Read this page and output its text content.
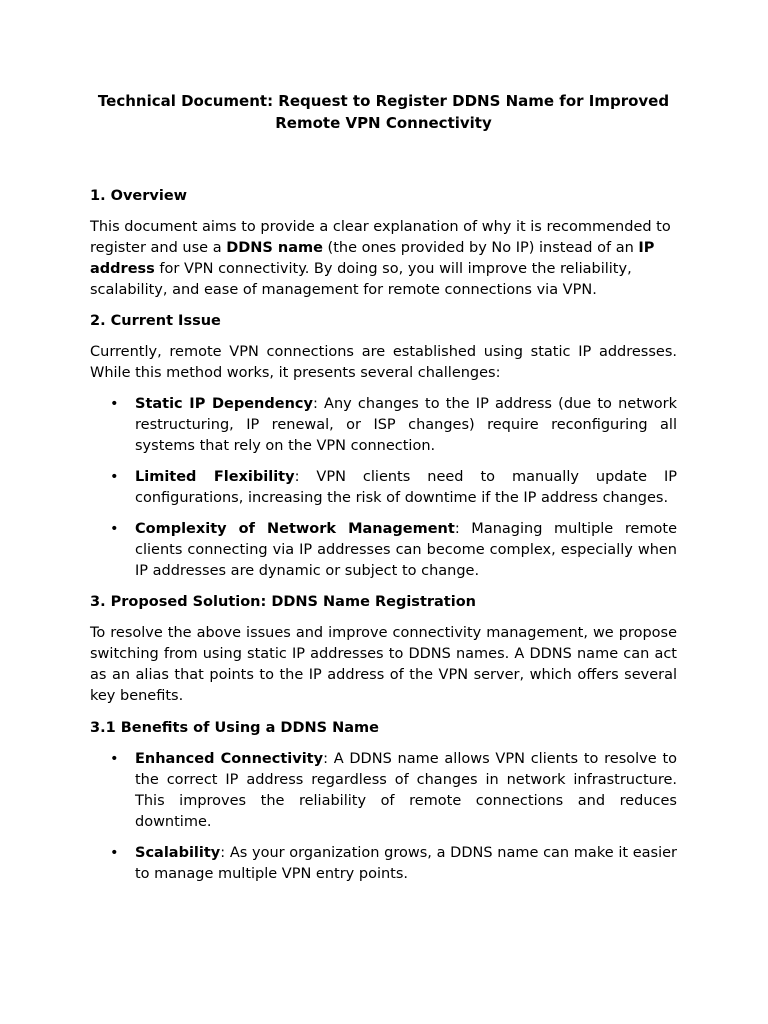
Technical Document: Request to Register DDNS Name for Improved Remote VPN Connectivity
1. Overview

This document aims to provide a clear explanation of why it is recommended to register and use a DDNS name (the ones provided by No IP) instead of an IP address for VPN connectivity. By doing so, you will improve the reliability, scalability, and ease of management for remote connections via VPN.

2. Current Issue

Currently, remote VPN connections are established using static IP addresses. While this method works, it presents several challenges:

• Static IP Dependency: Any changes to the IP address (due to network restructuring, IP renewal, or ISP changes) require reconfiguring all systems that rely on the VPN connection.
• Limited Flexibility: VPN clients need to manually update IP configurations, increasing the risk of downtime if the IP address changes.
• Complexity of Network Management: Managing multiple remote clients connecting via IP addresses can become complex, especially when IP addresses are dynamic or subject to change.
3. Proposed Solution: DDNS Name Registration

To resolve the above issues and improve connectivity management, we propose switching from using static IP addresses to DDNS names. A DDNS name can act as an alias that points to the IP address of the VPN server, which offers several key benefits.

3.1 Benefits of Using a DDNS Name
• Enhanced Connectivity: A DDNS name allows VPN clients to resolve to the correct IP address regardless of changes in network infrastructure. This improves the reliability of remote connections and reduces downtime.
• Scalability: As your organization grows, a DDNS name can make it easier to manage multiple VPN entry points.
